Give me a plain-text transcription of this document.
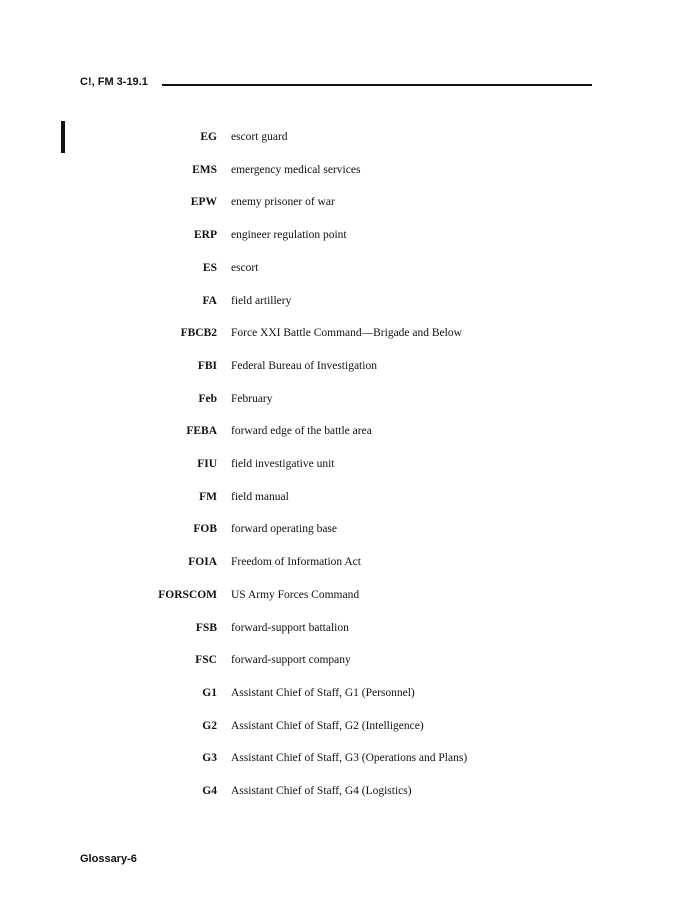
C!, FM 3-19.1
EG escort guard
EMS emergency medical services
EPW enemy prisoner of war
ERP engineer regulation point
ES escort
FA field artillery
FBCB2 Force XXI Battle Command—Brigade and Below
FBI Federal Bureau of Investigation
Feb February
FEBA forward edge of the battle area
FIU field investigative unit
FM field manual
FOB forward operating base
FOIA Freedom of Information Act
FORSCOM US Army Forces Command
FSB forward-support battalion
FSC forward-support company
G1 Assistant Chief of Staff, G1 (Personnel)
G2 Assistant Chief of Staff, G2 (Intelligence)
G3 Assistant Chief of Staff, G3 (Operations and Plans)
G4 Assistant Chief of Staff, G4 (Logistics)
Glossary-6
